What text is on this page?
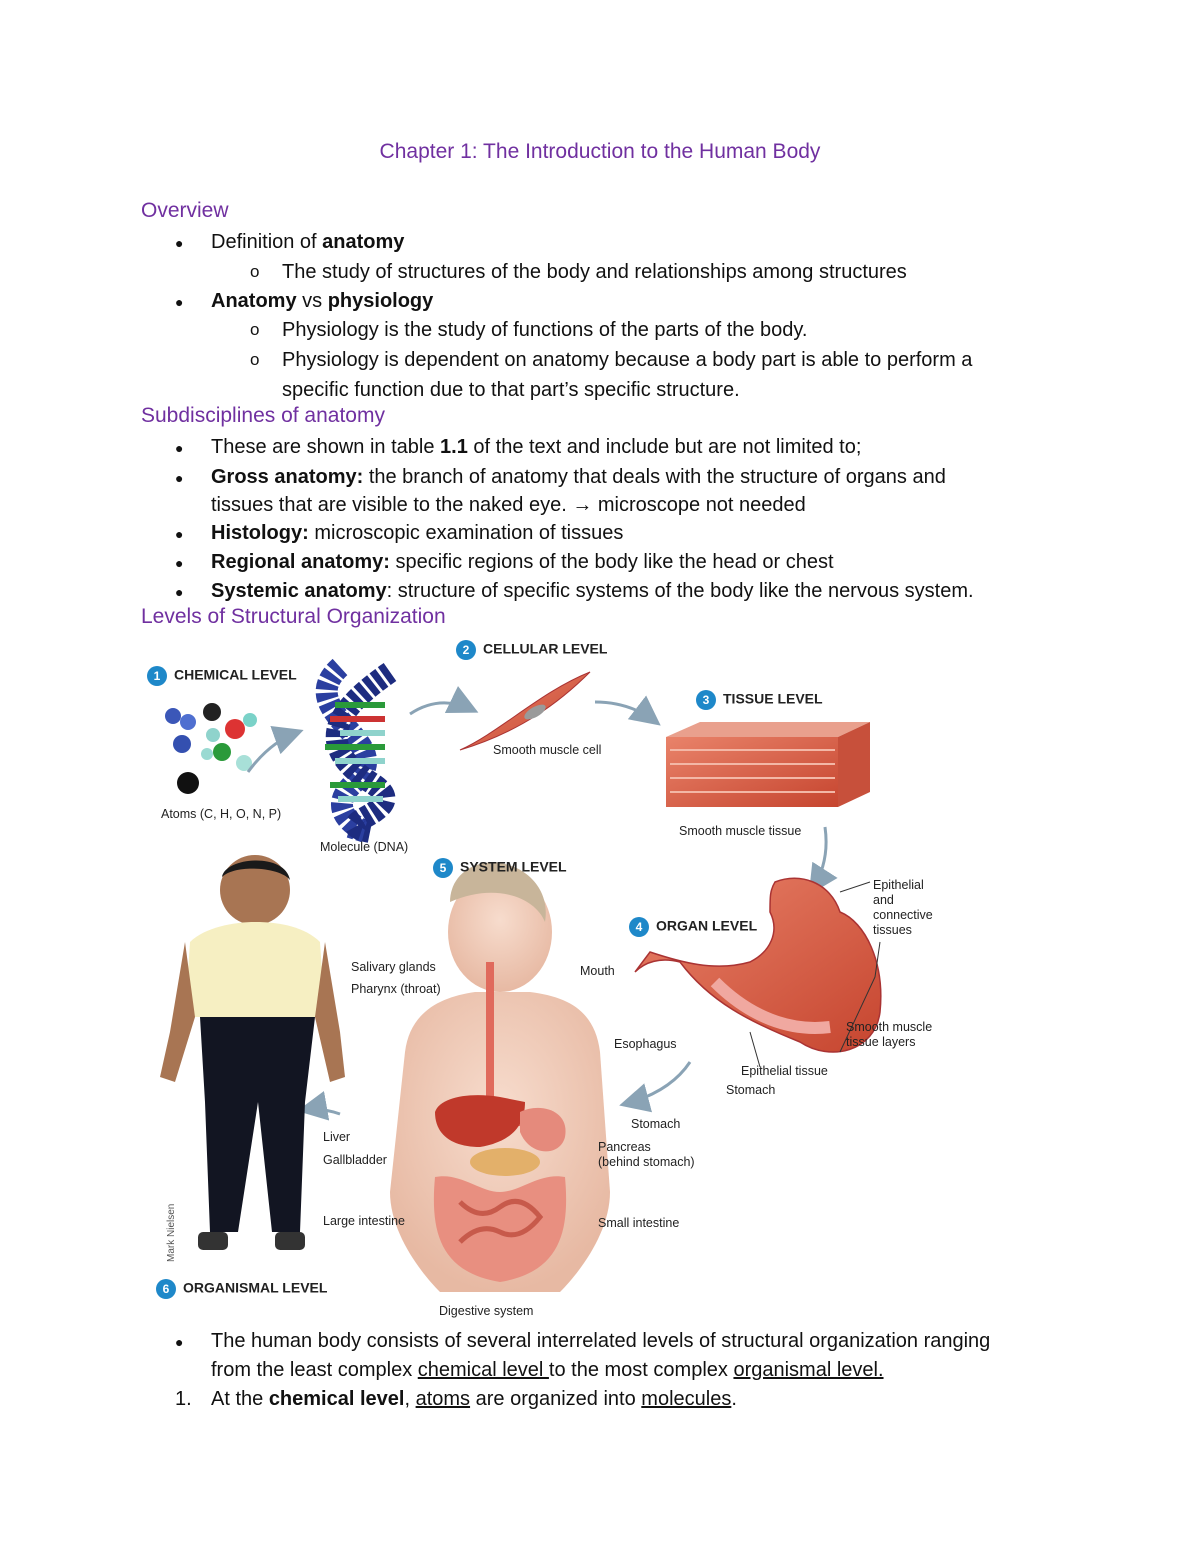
Chapter 1: The Introduction to the Human Body
Overview
● Definition of anatomy
o The study of structures of the body and relationships among structures
● Anatomy vs physiology
o Physiology is the study of functions of the parts of the body.
o Physiology is dependent on anatomy because a body part is able to perform a
specific function due to that part’s specific structure.
Subdisciplines of anatomy
● These are shown in table 1.1 of the text and include but are not limited to;
● Gross anatomy: the branch of anatomy that deals with the structure of organs and
tissues that are visible to the naked eye. → microscope not needed
● Histology: microscopic examination of tissues
● Regional anatomy: specific regions of the body like the head or chest
● Systemic anatomy: structure of specific systems of the body like the nervous system.
Levels of Structural Organization
1 CHEMICAL LEVEL
2 CELLULAR LEVEL
3 TISSUE LEVEL
4 ORGAN LEVEL
5 SYSTEM LEVEL
6 ORGANISMAL LEVEL
Atoms (C, H, O, N, P)
Molecule (DNA)
Smooth muscle cell
Smooth muscle tissue
Epithelial
and
connective
tissues
Smooth muscle
tissue layers
Epithelial tissue
Stomach
Salivary glands
Pharynx (throat)
Mouth
Esophagus
Stomach
Liver
Gallbladder
Pancreas
(behind stomach)
Large intestine	Small intestine
Digestive system
Mark Nielsen
● The human body consists of several interrelated levels of structural organization ranging
from the least complex chemical level to the most complex organismal level.
1. At the chemical level, atoms are organized into molecules.
